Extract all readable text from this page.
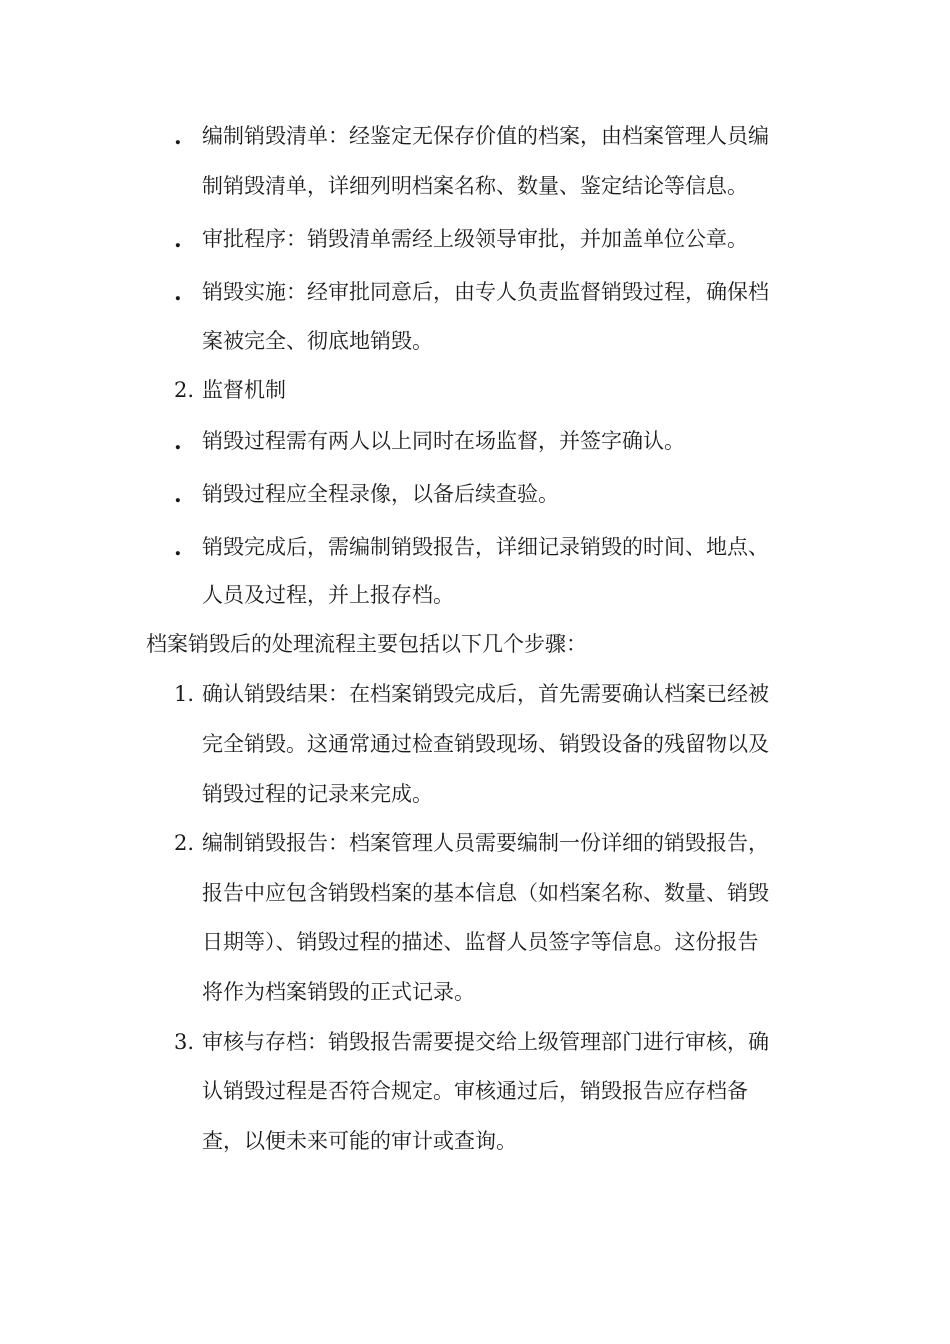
. 编制销毁清单：经鉴定无保存价值的档案，由档案管理人员编
制销毁清单，详细列明档案名称、数量、鉴定结论等信息。
. 审批程序：销毁清单需经上级领导审批，并加盖单位公章。
. 销毁实施：经审批同意后，由专人负责监督销毁过程，确保档
案被完全、彻底地销毁。
2. 监督机制
. 销毁过程需有两人以上同时在场监督，并签字确认。
. 销毁过程应全程录像，以备后续查验。
. 销毁完成后，需编制销毁报告，详细记录销毁的时间、地点、
人员及过程，并上报存档。
档案销毁后的处理流程主要包括以下几个步骤：
1. 确认销毁结果：在档案销毁完成后，首先需要确认档案已经被
完全销毁。这通常通过检查销毁现场、销毁设备的残留物以及
销毁过程的记录来完成。
2. 编制销毁报告：档案管理人员需要编制一份详细的销毁报告，
报告中应包含销毁档案的基本信息（如档案名称、数量、销毁
日期等）、销毁过程的描述、监督人员签字等信息。这份报告
将作为档案销毁的正式记录。
3. 审核与存档：销毁报告需要提交给上级管理部门进行审核，确
认销毁过程是否符合规定。审核通过后，销毁报告应存档备
查，以便未来可能的审计或查询。
